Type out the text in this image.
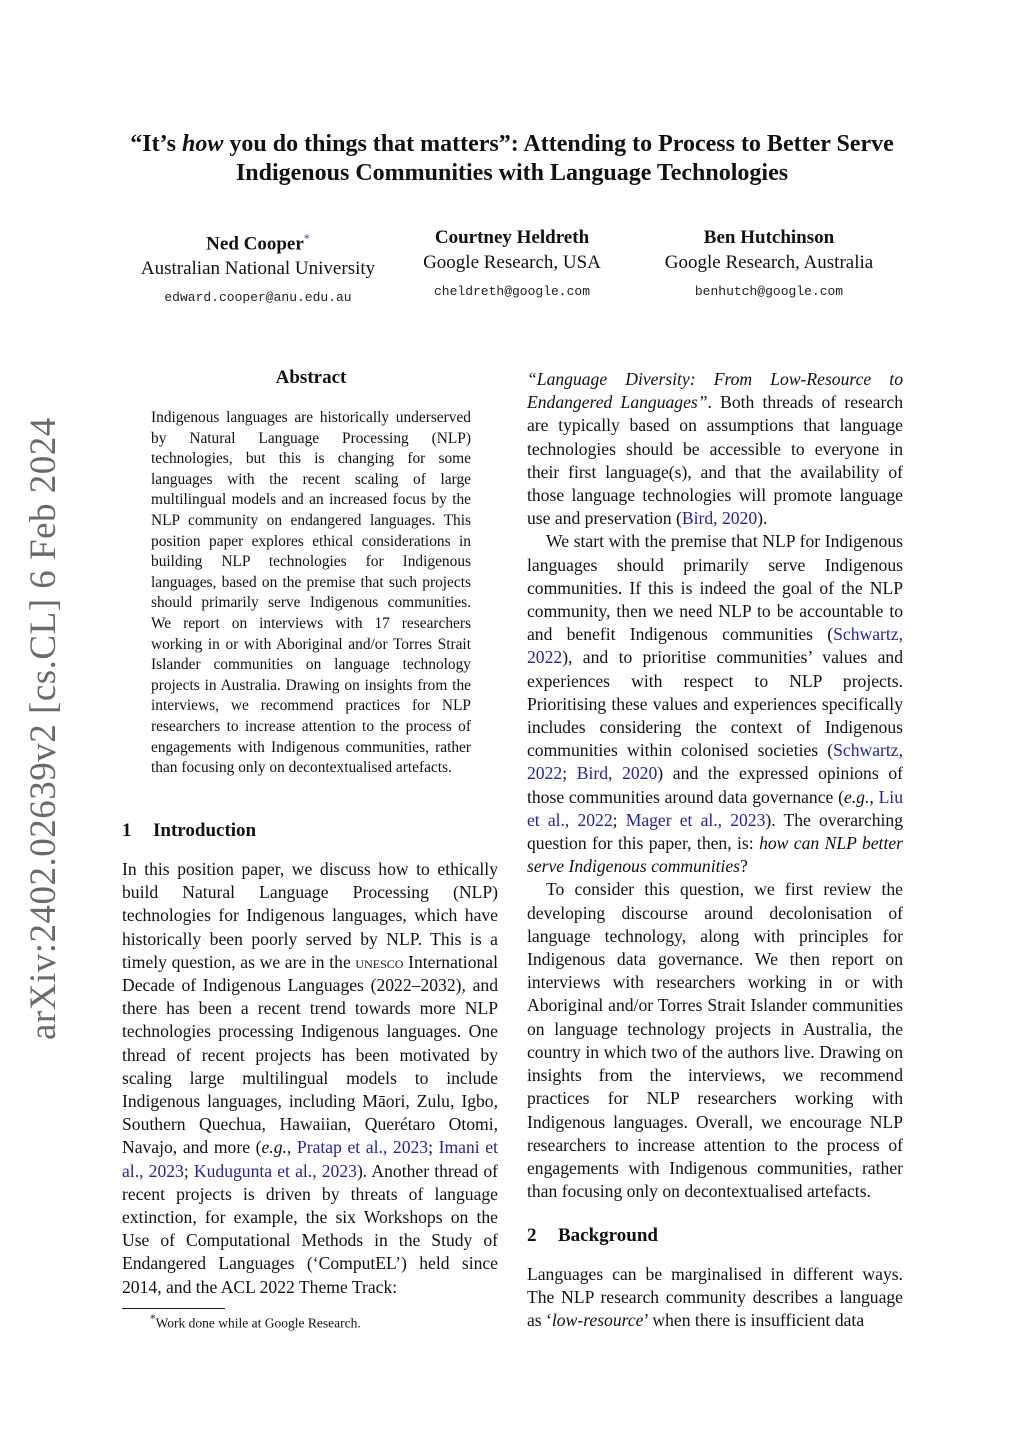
“It’s how you do things that matters”: Attending to Process to Better Serve
Indigenous Communities with Language Technologies
Ned Cooper*
Australian National University
edward.cooper@anu.edu.au
Courtney Heldreth
Google Research, USA
cheldreth@google.com
Ben Hutchinson
Google Research, Australia
benhutch@google.com
arXiv:2402.02639v2 [cs.CL] 6 Feb 2024
Abstract
Indigenous languages are historically underserved by Natural Language Processing (NLP) technologies, but this is changing for some languages with the recent scaling of large multilingual models and an increased focus by the NLP community on endangered languages. This position paper explores ethical considerations in building NLP technologies for Indigenous languages, based on the premise that such projects should primarily serve Indigenous communities. We report on interviews with 17 researchers working in or with Aboriginal and/or Torres Strait Islander communities on language technology projects in Australia. Drawing on insights from the interviews, we recommend practices for NLP researchers to increase attention to the process of engagements with Indigenous communities, rather than focusing only on decontextualised artefacts.
1 Introduction

In this position paper, we discuss how to ethically build Natural Language Processing (NLP) technologies for Indigenous languages, which have historically been poorly served by NLP. This is a timely question, as we are in the unesco International Decade of Indigenous Languages (2022–2032), and there has been a recent trend towards more NLP technologies processing Indigenous languages. One thread of recent projects has been motivated by scaling large multilingual models to include Indigenous languages, including Māori, Zulu, Igbo, Southern Quechua, Hawaiian, Querétaro Otomi, Navajo, and more (e.g., Pratap et al., 2023; Imani et al., 2023; Kudugunta et al., 2023). Another thread of recent projects is driven by threats of language extinction, for example, the six Workshops on the Use of Computational Methods in the Study of Endangered Languages (‘ComputEL’) held since 2014, and the ACL 2022 Theme Track:

“Language Diversity: From Low-Resource to Endangered Languages”. Both threads of research are typically based on assumptions that language technologies should be accessible to everyone in their first language(s), and that the availability of those language technologies will promote language use and preservation (Bird, 2020).

We start with the premise that NLP for Indigenous languages should primarily serve Indigenous communities. If this is indeed the goal of the NLP community, then we need NLP to be accountable to and benefit Indigenous communities (Schwartz, 2022), and to prioritise communities’ values and experiences with respect to NLP projects. Prioritising these values and experiences specifically includes considering the context of Indigenous communities within colonised societies (Schwartz, 2022; Bird, 2020) and the expressed opinions of those communities around data governance (e.g., Liu et al., 2022; Mager et al., 2023). The overarching question for this paper, then, is: how can NLP better serve Indigenous communities?

To consider this question, we first review the developing discourse around decolonisation of language technology, along with principles for Indigenous data governance. We then report on interviews with researchers working in or with Aboriginal and/or Torres Strait Islander communities on language technology projects in Australia, the country in which two of the authors live. Drawing on insights from the interviews, we recommend practices for NLP researchers working with Indigenous languages. Overall, we encourage NLP researchers to increase attention to the process of engagements with Indigenous communities, rather than focusing only on decontextualised artefacts.

2 Background

Languages can be marginalised in different ways. The NLP research community describes a language as ‘low-resource’ when there is insufficient data

*Work done while at Google Research.
